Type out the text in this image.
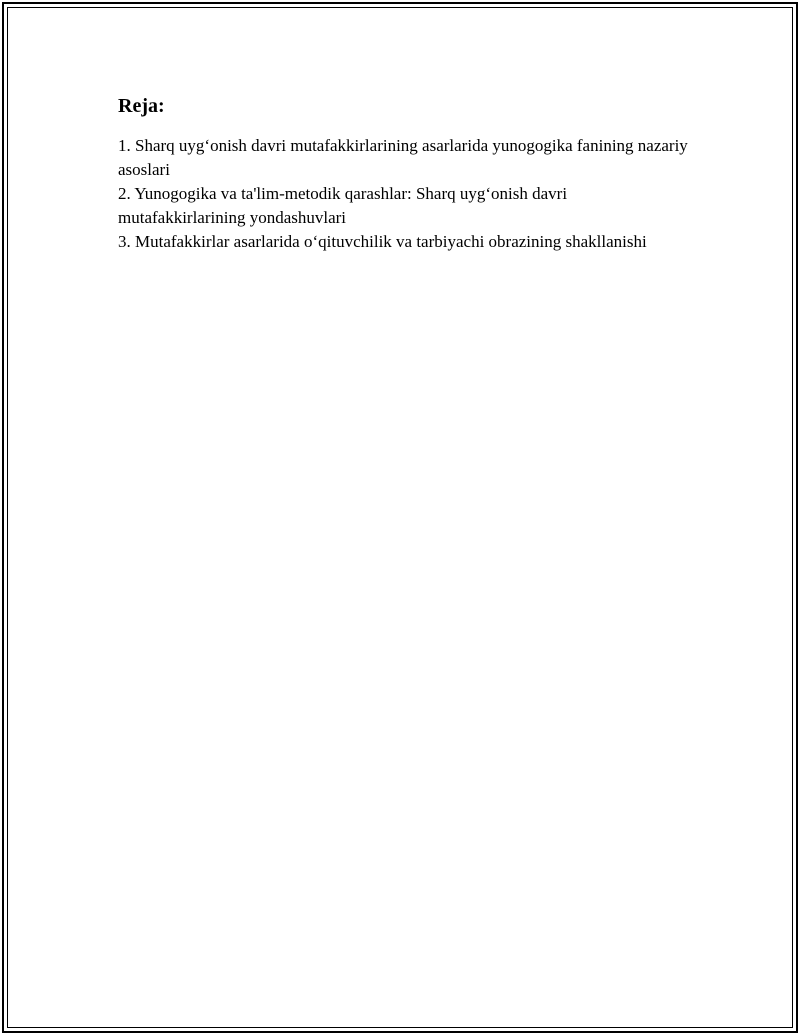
Reja:
1. Sharq uyg‘onish davri mutafakkirlarining asarlarida yunogogika fanining nazariy asoslari
2. Yunogogika va ta'lim-metodik qarashlar: Sharq uyg‘onish davri mutafakkirlarining yondashuvlari
3. Mutafakkirlar asarlarida o‘qituvchilik va tarbiyachi obrazining shakllanishi
